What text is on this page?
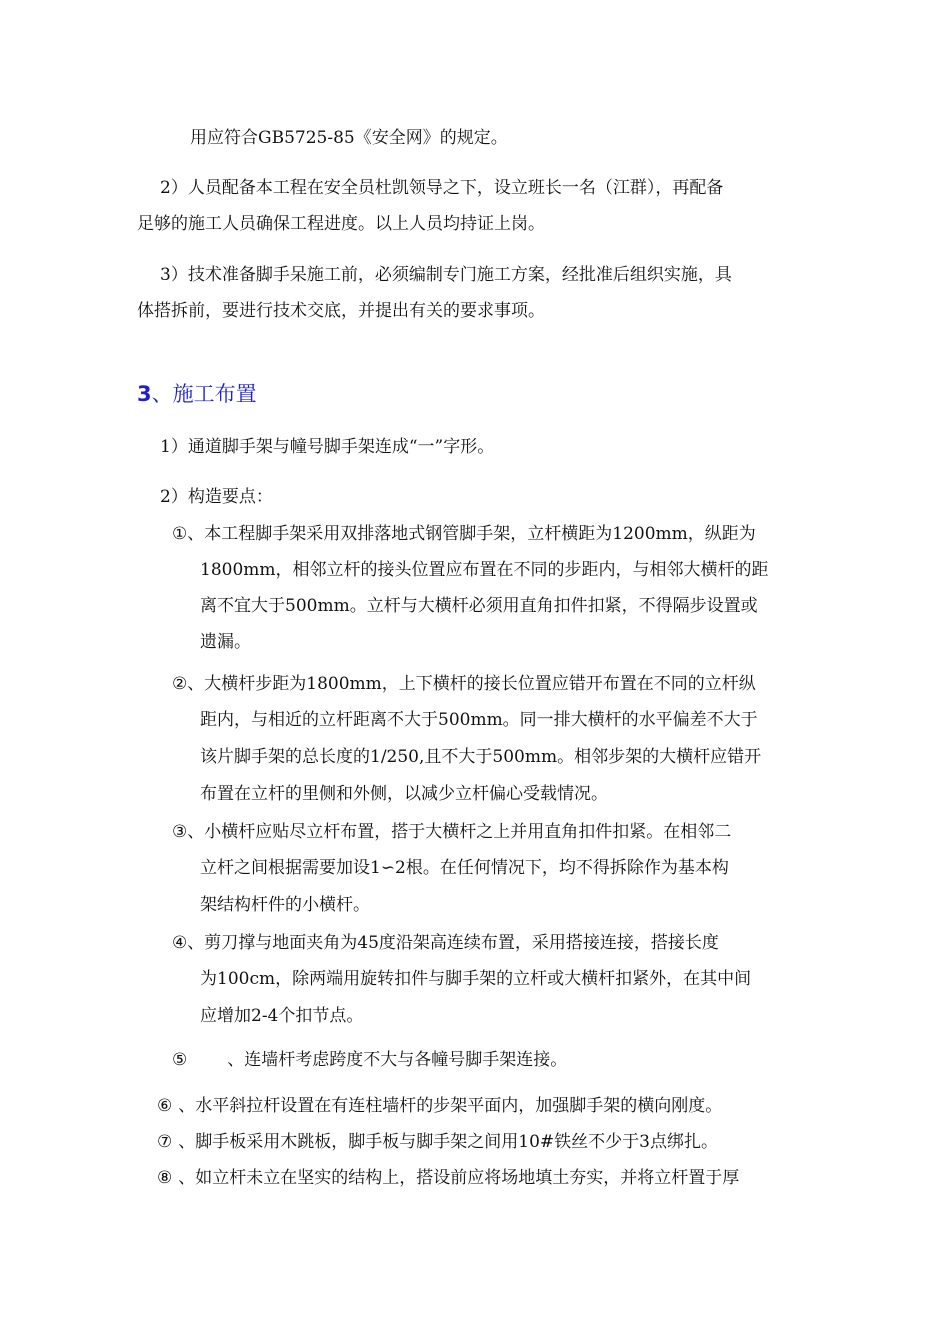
用应符合GB5725-85《安全网》的规定。
2）人员配备本工程在安全员杜凯领导之下，设立班长一名（江群），再配备
足够的施工人员确保工程进度。以上人员均持证上岗。
3）技术准备脚手呆施工前，必须编制专门施工方案，经批准后组织实施，具
体搭拆前，要进行技术交底，并提出有关的要求事项。
3、施工布置
1）通道脚手架与幢号脚手架连成“一”字形。
2）构造要点：
①、本工程脚手架采用双排落地式钢管脚手架，立杆横距为1200mm，纵距为
1800mm，相邻立杆的接头位置应布置在不同的步距内，与相邻大横杆的距
离不宜大于500mm。立杆与大横杆必须用直角扣件扣紧，不得隔步设置或
遗漏。
②、大横杆步距为1800mm，上下横杆的接长位置应错开布置在不同的立杆纵
距内，与相近的立杆距离不大于500mm。同一排大横杆的水平偏差不大于
该片脚手架的总长度的1/250,且不大于500mm。相邻步架的大横杆应错开
布置在立杆的里侧和外侧，以减少立杆偏心受载情况。
③、小横杆应贴尽立杆布置，搭于大横杆之上并用直角扣件扣紧。在相邻二
立杆之间根据需要加设1∽2根。在任何情况下，均不得拆除作为基本构
架结构杆件的小横杆。
④、剪刀撑与地面夹角为45度沿架高连续布置，采用搭接连接，搭接长度
为100cm，除两端用旋转扣件与脚手架的立杆或大横杆扣紧外，在其中间
应增加2-4个扣节点。
⑤ 、连墙杆考虑跨度不大与各幢号脚手架连接。
⑥ 、水平斜拉杆设置在有连柱墙杆的步架平面内，加强脚手架的横向刚度。
⑦ 、脚手板采用木跳板，脚手板与脚手架之间用10#铁丝不少于3点绑扎。
⑧ 、如立杆未立在坚实的结构上，搭设前应将场地填土夯实，并将立杆置于厚
